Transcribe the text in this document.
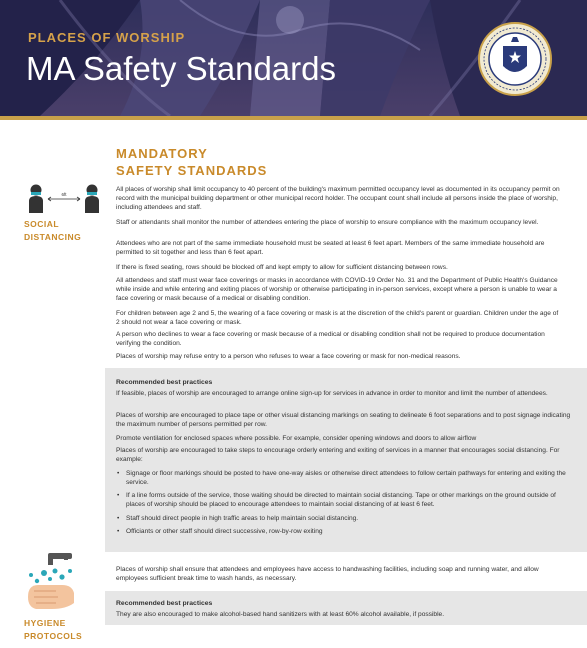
PLACES OF WORSHIP
MA Safety Standards
MANDATORY
SAFETY STANDARDS
6ft
SOCIAL
DISTANCING
All places of worship shall limit occupancy to 40 percent of the building's maximum permitted occupancy level as documented in its occupancy permit on record with the municipal building department or other municipal record holder. The occupant count shall include all persons inside the place of worship, including attendees and staff.
Staff or attendants shall monitor the number of attendees entering the place of worship to ensure compliance with the maximum occupancy level.
Attendees who are not part of the same immediate household must be seated at least 6 feet apart. Members of the same immediate household are permitted to sit together and less than 6 feet apart.
If there is fixed seating, rows should be blocked off and kept empty to allow for sufficient distancing between rows.
All attendees and staff must wear face coverings or masks in accordance with COVID-19 Order No. 31 and the Department of Public Health's Guidance while inside and while entering and exiting places of worship or otherwise participating in in-person services, except where a person is unable to wear a face covering or mask because of a medical or disabling condition.
For children between age 2 and 5, the wearing of a face covering or mask is at the discretion of the child's parent or guardian. Children under the age of 2 should not wear a face covering or mask.
A person who declines to wear a face covering or mask because of a medical or disabling condition shall not be required to produce documentation verifying the condition.
Places of worship may refuse entry to a person who refuses to wear a face covering or mask for non-medical reasons.
Recommended best practices
If feasible, places of worship are encouraged to arrange online sign-up for services in advance in order to monitor and limit the number of attendees.
Places of worship are encouraged to place tape or other visual distancing markings on seating to delineate 6 foot separations and to post signage indicating the maximum number of persons permitted per row.
Promote ventilation for enclosed spaces where possible. For example, consider opening windows and doors to allow airflow
Places of worship are encouraged to take steps to encourage orderly entering and exiting of services in a manner that encourages social distancing. For example:
• Signage or floor markings should be posted to have one-way aisles or otherwise direct attendees to follow certain pathways for entering and exiting the service.
• If a line forms outside of the service, those waiting should be directed to maintain social distancing. Tape or other markings on the ground outside of places of worship should be placed to encourage attendees to maintain social distancing of at least 6 feet.
• Staff should direct people in high traffic areas to help maintain social distancing.
• Officiants or other staff should direct successive, row-by-row exiting
HYGIENE
PROTOCOLS
Places of worship shall ensure that attendees and employees have access to handwashing facilities, including soap and running water, and allow employees sufficient break time to wash hands, as necessary.
Recommended best practices
They are also encouraged to make alcohol-based hand sanitizers with at least 60% alcohol available, if possible.
